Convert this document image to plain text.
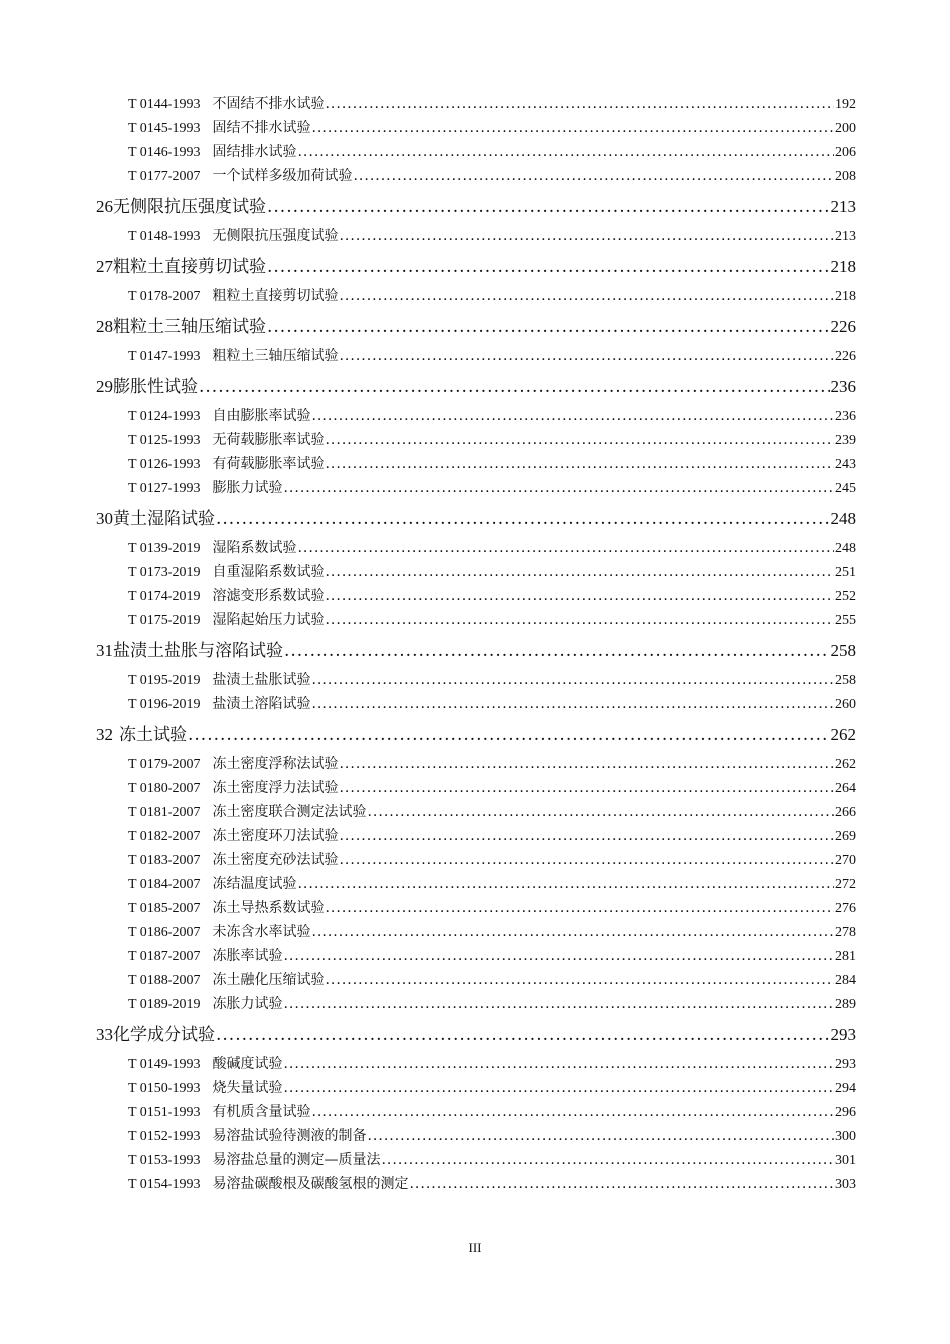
T 0144-1993 不固结不排水试验 .....	192
T 0145-1993 固结不排水试验 .....	200
T 0146-1993 固结排水试验 .....	206
T 0177-2007 一个试样多级加荷试验 .....	208
26 无侧限抗压强度试验 .....	213
T 0148-1993 无侧限抗压强度试验 .....	213
27 粗粒土直接剪切试验 .....	218
T 0178-2007 粗粒土直接剪切试验 .....	218
28 粗粒土三轴压缩试验 .....	226
T 0147-1993 粗粒土三轴压缩试验 .....	226
29 膨胀性试验 .....	236
T 0124-1993 自由膨胀率试验 .....	236
T 0125-1993 无荷载膨胀率试验 .....	239
T 0126-1993 有荷载膨胀率试验 .....	243
T 0127-1993 膨胀力试验 .....	245
30 黄土湿陷试验 .....	248
T 0139-2019 湿陷系数试验 .....	248
T 0173-2019 自重湿陷系数试验 .....	251
T 0174-2019 溶滤变形系数试验 .....	252
T 0175-2019 湿陷起始压力试验 .....	255
31 盐渍土盐胀与溶陷试验 .....	258
T 0195-2019 盐渍土盐胀试验 .....	258
T 0196-2019 盐渍土溶陷试验 .....	260
32 冻土试验 .....	262
T 0179-2007 冻土密度浮称法试验 .....	262
T 0180-2007 冻土密度浮力法试验 .....	264
T 0181-2007 冻土密度联合测定法试验 .....	266
T 0182-2007 冻土密度环刀法试验 .....	269
T 0183-2007 冻土密度充砂法试验 .....	270
T 0184-2007 冻结温度试验 .....	272
T 0185-2007 冻土导热系数试验 .....	276
T 0186-2007 未冻含水率试验 .....	278
T 0187-2007 冻胀率试验 .....	281
T 0188-2007 冻土融化压缩试验 .....	284
T 0189-2019 冻胀力试验 .....	289
33 化学成分试验 .....	293
T 0149-1993 酸碱度试验 .....	293
T 0150-1993 烧失量试验 .....	294
T 0151-1993 有机质含量试验 .....	296
T 0152-1993 易溶盐试验待测液的制备 .....	300
T 0153-1993 易溶盐总量的测定—质量法 .....	301
T 0154-1993 易溶盐碳酸根及碳酸氢根的测定 .....	303
III
